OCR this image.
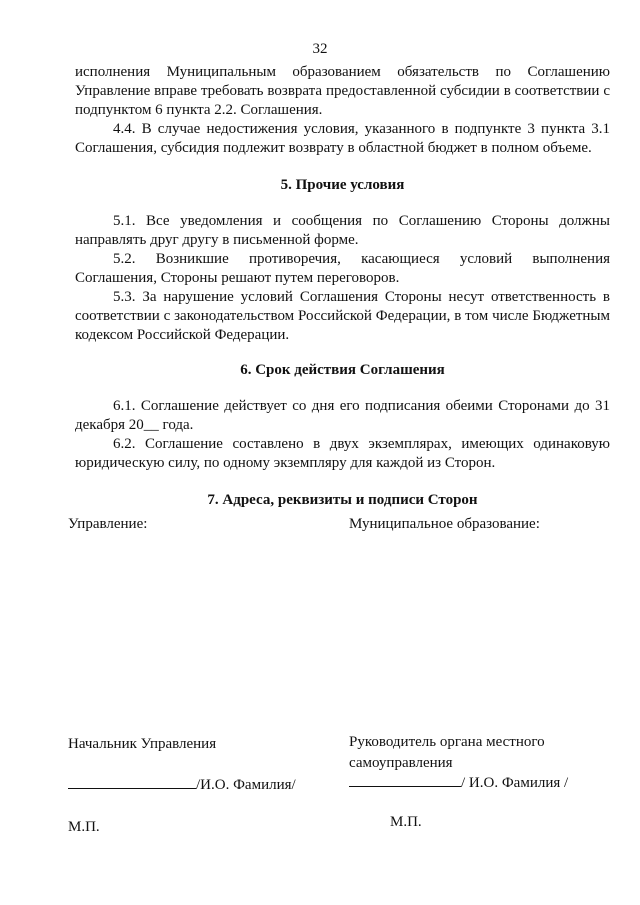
32

исполнения Муниципальным образованием обязательств по Соглашению Управление вправе требовать возврата предоставленной субсидии в соответствии с подпунктом 6 пункта 2.2. Соглашения.

4.4. В случае недостижения условия, указанного в подпункте 3 пункта 3.1 Соглашения, субсидия подлежит возврату в областной бюджет в полном объеме.

5. Прочие условия

5.1. Все уведомления и сообщения по Соглашению Стороны должны направлять друг другу в письменной форме.

5.2. Возникшие противоречия, касающиеся условий выполнения Соглашения, Стороны решают путем переговоров.

5.3. За нарушение условий Соглашения Стороны несут ответственность в соответствии с законодательством Российской Федерации, в том числе Бюджетным кодексом Российской Федерации.

6. Срок действия Соглашения

6.1. Соглашение действует со дня его подписания обеими Сторонами до 31 декабря 20__ года.

6.2. Соглашение составлено в двух экземплярах, имеющих одинаковую юридическую силу, по одному экземпляру для каждой из Сторон.

7. Адреса, реквизиты и подписи Сторон

Управление:	Муниципальное образование:
Начальник Управления	Руководитель органа местного
самоуправления
/И.О. Фамилия/	/ И.О. Фамилия /
М.П.	М.П.
